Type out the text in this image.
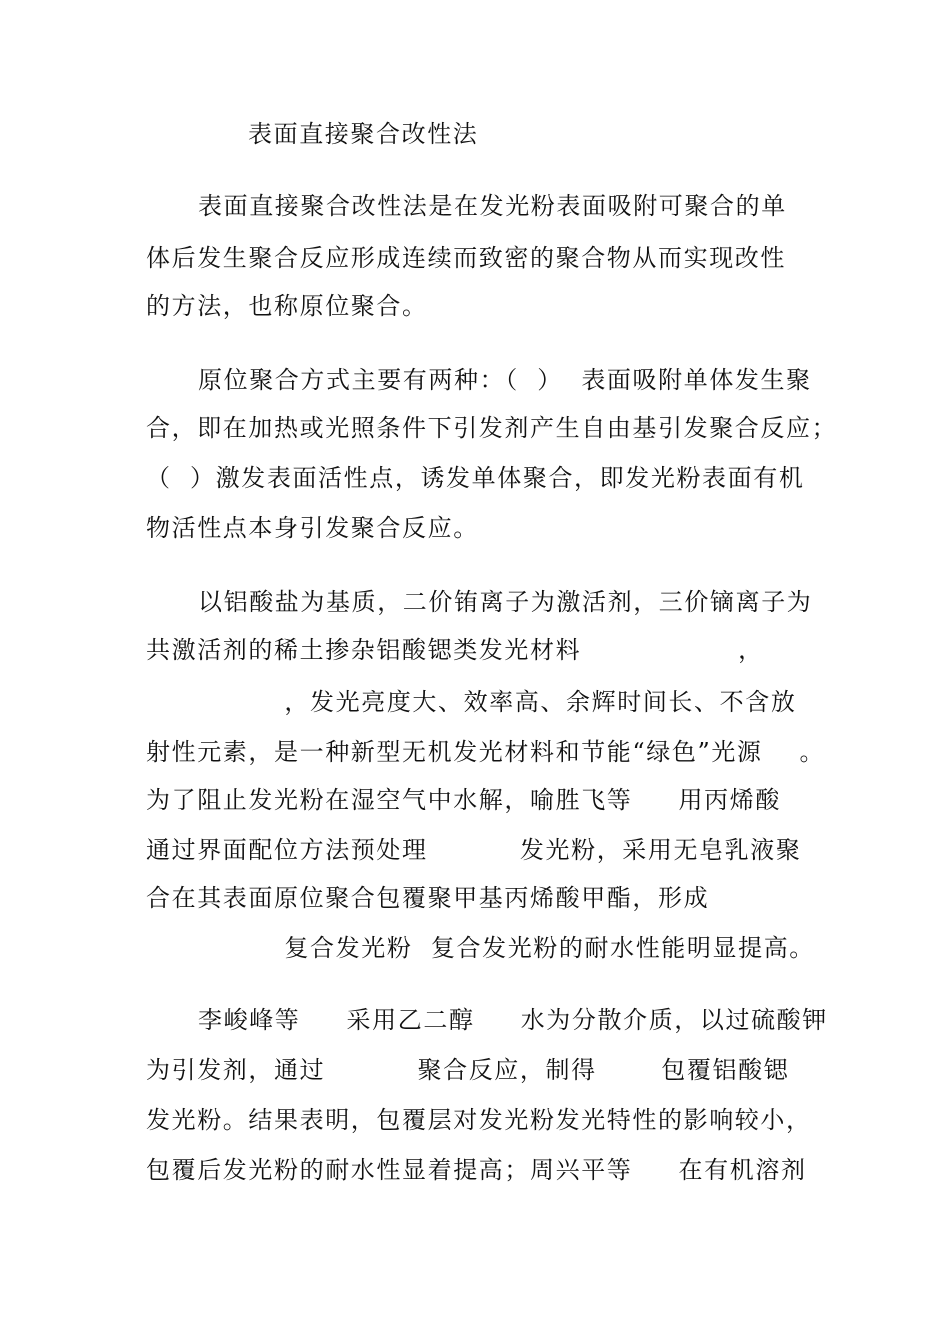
表面直接聚合改性法
表面直接聚合改性法是在发光粉表面吸附可聚合的单
体后发生聚合反应形成连续而致密的聚合物从而实现改性
的方法，也称原位聚合。
原位聚合方式主要有两种：（  ）  表面吸附单体发生聚
合，即在加热或光照条件下引发剂产生自由基引发聚合反应；
（  ）激发表面活性点，诱发单体聚合，即发光粉表面有机
物活性点本身引发聚合反应。
以铝酸盐为基质，二价铕离子为激活剂，三价镝离子为
共激活剂的稀土掺杂铝酸锶类发光材料                 ，
，发光亮度大、效率高、余辉时间长、不含放
射性元素，是一种新型无机发光材料和节能“绿色”光源    。
为了阻止发光粉在湿空气中水解，喻胜飞等     用丙烯酸
通过界面配位方法预处理          发光粉，采用无皂乳液聚
合在其表面原位聚合包覆聚甲基丙烯酸甲酯，形成
复合发光粉  复合发光粉的耐水性能明显提高。
李峻峰等     采用乙二醇     水为分散介质，以过硫酸钾
为引发剂，通过          聚合反应，制得       包覆铝酸锶
发光粉。结果表明，包覆层对发光粉发光特性的影响较小，
包覆后发光粉的耐水性显着提高；周兴平等     在有机溶剂
